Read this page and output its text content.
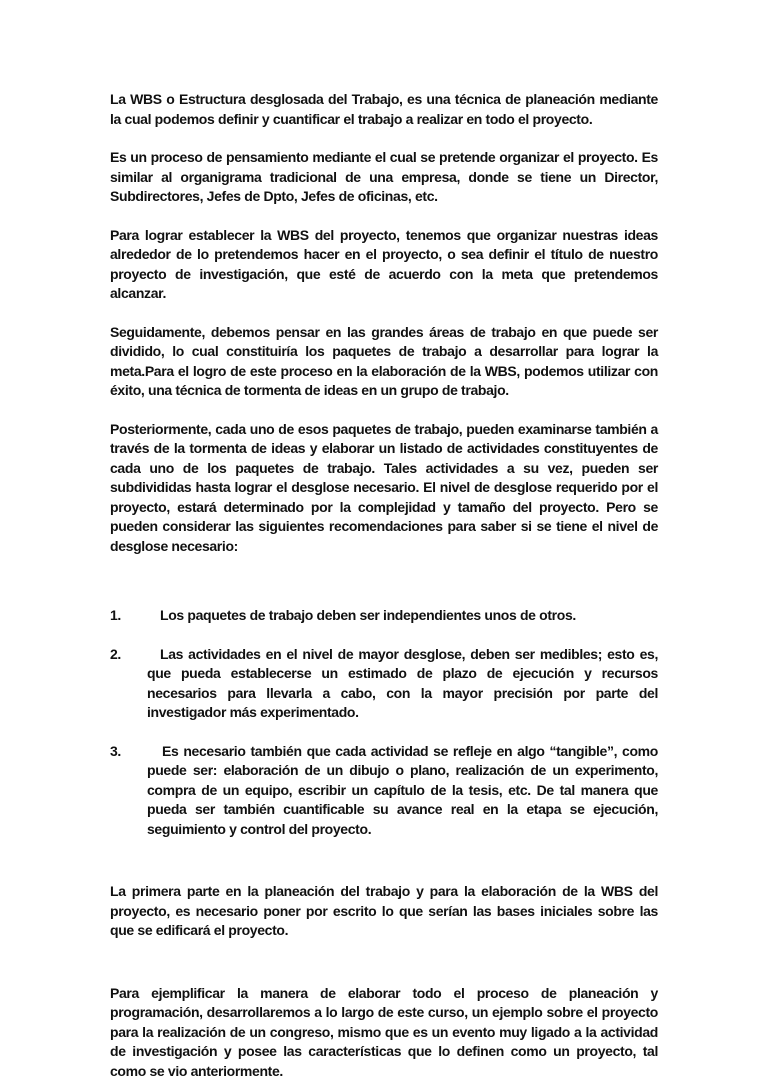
La WBS o Estructura desglosada del Trabajo, es una técnica de planeación mediante la cual podemos definir y cuantificar el trabajo a realizar en todo el proyecto.

Es un proceso de pensamiento mediante el cual se pretende organizar el proyecto. Es similar al organigrama tradicional de una empresa, donde se tiene un Director, Subdirectores, Jefes de Dpto, Jefes de oficinas, etc.

Para lograr establecer la WBS del proyecto, tenemos que organizar nuestras ideas alrededor de lo pretendemos hacer en el proyecto, o sea definir el título de nuestro proyecto de investigación, que esté de acuerdo con la meta que pretendemos alcanzar.

Seguidamente, debemos pensar en las grandes áreas de trabajo en que puede ser dividido, lo cual constituiría los paquetes de trabajo a desarrollar para lograr la meta.Para el logro de este proceso en la elaboración de la WBS, podemos utilizar con éxito, una técnica de tormenta de ideas en un grupo de trabajo.

Posteriormente, cada uno de esos paquetes de trabajo, pueden examinarse también a través de la tormenta de ideas y elaborar un listado de actividades constituyentes de cada uno de los paquetes de trabajo. Tales actividades a su vez, pueden ser subdivididas hasta lograr el desglose necesario. El nivel de desglose requerido por el proyecto, estará determinado por la complejidad y tamaño del proyecto. Pero se pueden considerar las siguientes recomendaciones para saber si se tiene el nivel de desglose necesario:

1.	Los paquetes de trabajo deben ser independientes unos de otros.
2.	Las actividades en el nivel de mayor desglose, deben ser medibles; esto es, que pueda establecerse un estimado de plazo de ejecución y recursos necesarios para llevarla a cabo, con la mayor precisión por parte del investigador más experimentado.
3.	Es necesario también que cada actividad se refleje en algo “tangible”, como puede ser: elaboración de un dibujo o plano, realización de un experimento, compra de un equipo, escribir un capítulo de la tesis, etc. De tal manera que pueda ser también cuantificable su avance real en la etapa se ejecución, seguimiento y control del proyecto.

La primera parte en la planeación del trabajo y para la elaboración de la WBS del proyecto, es necesario poner por escrito lo que serían las bases iniciales sobre las que se edificará el proyecto.

Para ejemplificar la manera de elaborar todo el proceso de planeación y programación, desarrollaremos a lo largo de este curso, un ejemplo sobre el proyecto para la realización de un congreso, mismo que es un evento muy ligado a la actividad de investigación y posee las características que lo definen como un proyecto, tal como se vio anteriormente.
